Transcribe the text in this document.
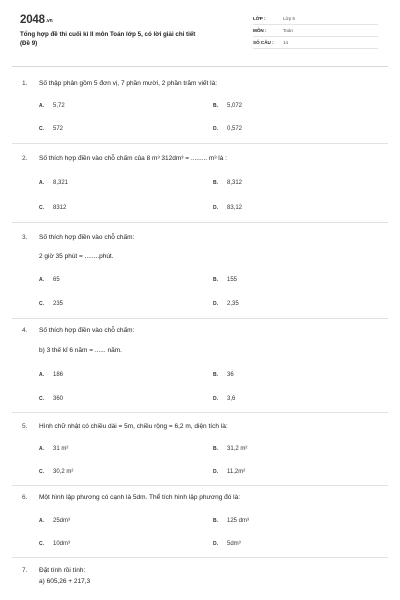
2048.vn
Tổng hợp đề thi cuối kì II môn Toán lớp 5, có lời giải chi tiết
(Đề 9)
LỚP :	Lớp 5
MÔN :	Toán
SỐ CÂU :	14
1. Số thập phân gồm 5 đơn vị, 7 phần mười, 2 phần trăm viết là:
A. 5,72	B. 5,072
C. 572	D. 0,572
2. Số thích hợp điền vào chỗ chấm của 8 m³ 312dm³ = ......... m³ là :
A. 8,321	B. 8,312
C. 8312	D. 83,12
3. Số thích hợp điền vào chỗ chấm:
2 giờ 35 phút = ........phút.
A. 65	B. 155
C. 235	D. 2,35
4. Số thích hợp điền vào chỗ chấm:
b) 3 thế kỉ 6 năm = ...... năm.
A. 186	B. 36
C. 360	D. 3,6
5. Hình chữ nhật có chiều dài = 5m, chiều rộng = 6,2 m, diện tích là:
A. 31 m²	B. 31,2 m²
C. 30,2 m²	D. 11,2m²
6. Một hình lập phương có cạnh là 5dm. Thể tích hình lập phương đó là:
A. 25dm³	B. 125 dm³
C. 10dm³	D. 5dm³
7. Đặt tính rồi tính:
a) 605,26 + 217,3
